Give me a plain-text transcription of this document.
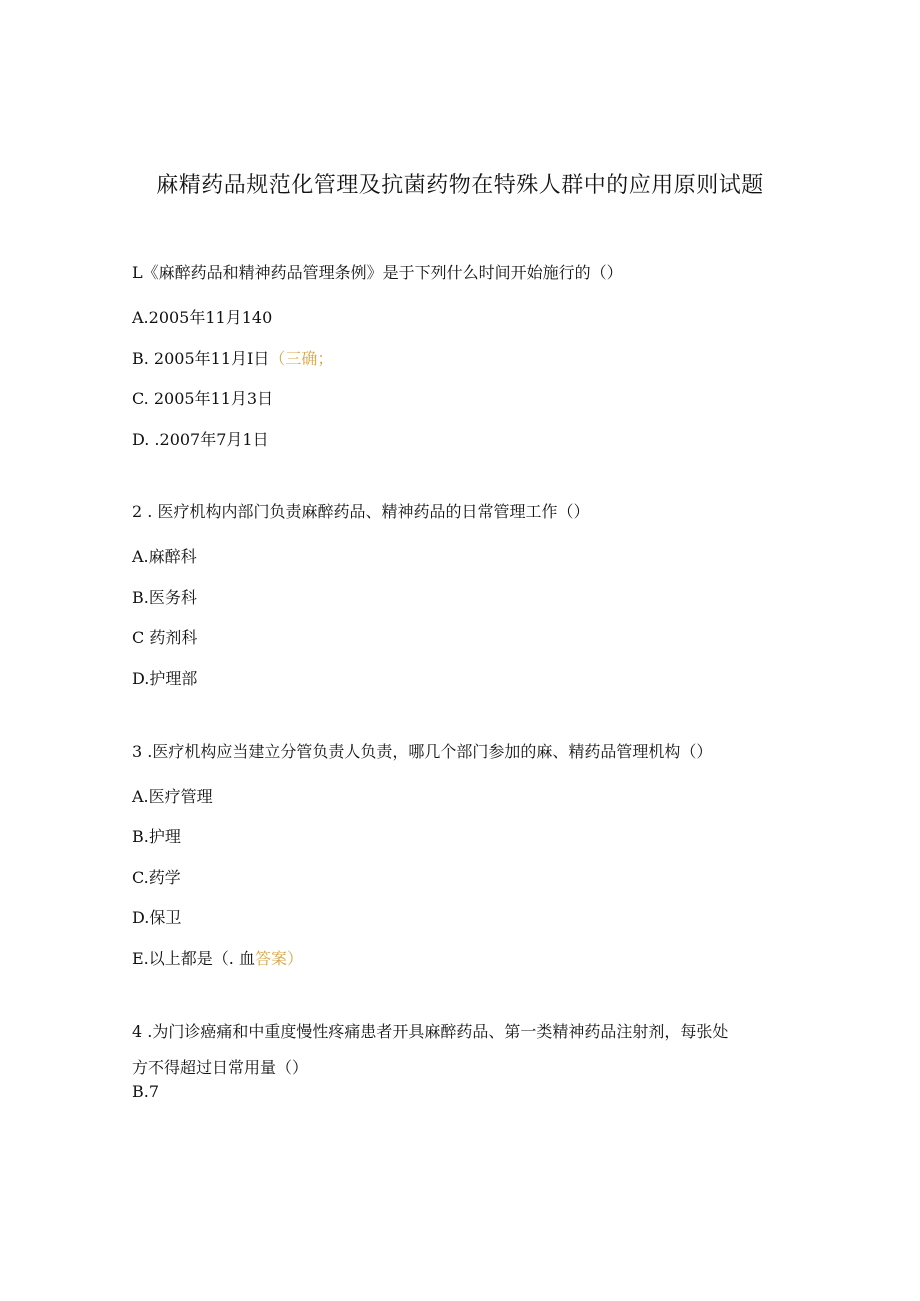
麻精药品规范化管理及抗菌药物在特殊人群中的应用原则试题
L《麻醉药品和精神药品管理条例》是于下列什么时间开始施行的（）
A.2005年11月140
B. 2005年11月I日（三确；
C. 2005年11月3日
D. .2007年7月1日
2 . 医疗机构内部门负责麻醉药品、精神药品的日常管理工作（）
A.麻醉科
B.医务科
C 药剂科
D.护理部
3 .医疗机构应当建立分管负责人负责，哪几个部门参加的麻、精药品管理机构（）
A.医疗管理
B.护理
C.药学
D.保卫
E.以上都是（. 血答案）
4 .为门诊癌痛和中重度慢性疼痛患者开具麻醉药品、第一类精神药品注射剂，每张处
方不得超过日常用量（）
B.7
